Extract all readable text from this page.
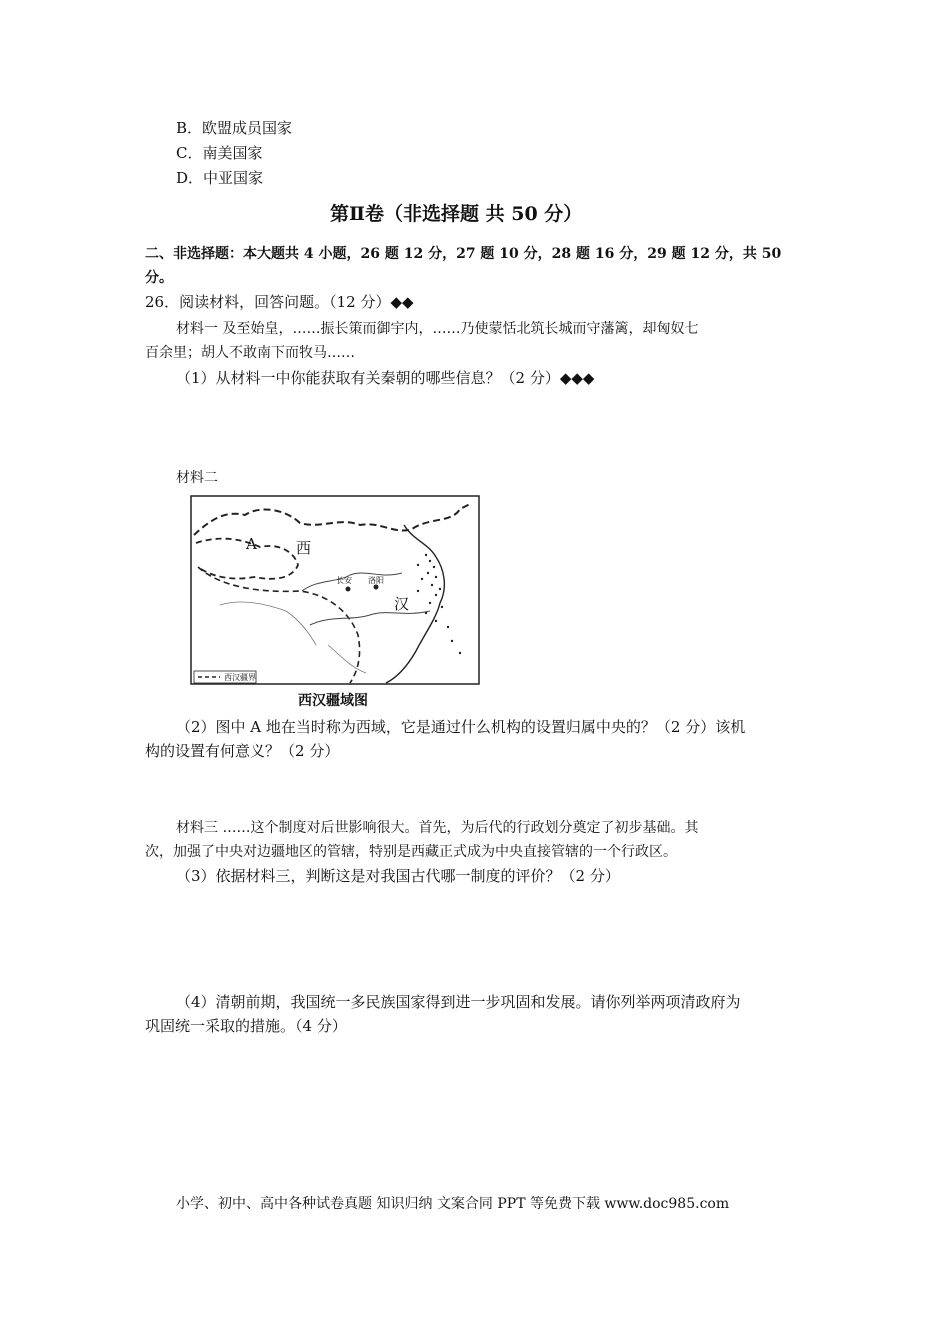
B．欧盟成员国家
C．南美国家
D．中亚国家
第Ⅱ卷（非选择题 共 50 分）
二、非选择题：本大题共 4 小题，26 题 12 分，27 题 10 分，28 题 16 分，29 题 12 分，共 50
分。
26．阅读材料，回答问题。（12 分）◆◆
材料一 及至始皇，……振长策而御宇内，……乃使蒙恬北筑长城而守藩篱，却匈奴七
百余里；胡人不敢南下而牧马……
（1）从材料一中你能获取有关秦朝的哪些信息？（2 分）◆◆◆
材料二
A	西
汉
长安 洛阳
西汉疆界
西汉疆域图
（2）图中 A 地在当时称为西域，它是通过什么机构的设置归属中央的？（2 分）该机
构的设置有何意义？（2 分）
材料三 ……这个制度对后世影响很大。首先，为后代的行政划分奠定了初步基础。其
次，加强了中央对边疆地区的管辖，特别是西藏正式成为中央直接管辖的一个行政区。
（3）依据材料三，判断这是对我国古代哪一制度的评价？（2 分）
（4）清朝前期，我国统一多民族国家得到进一步巩固和发展。请你列举两项清政府为
巩固统一采取的措施。（4 分）
小学、初中、高中各种试卷真题 知识归纳 文案合同 PPT 等免费下载 www.doc985.com
